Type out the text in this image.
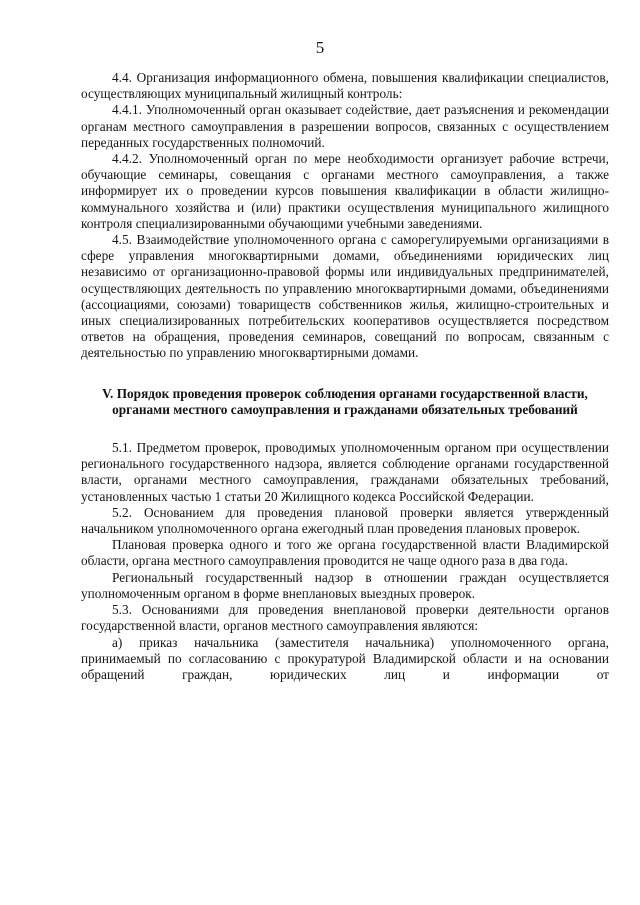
5

4.4. Организация информационного обмена, повышения квалификации специалистов, осуществляющих муниципальный жилищный контроль:

4.4.1. Уполномоченный орган оказывает содействие, дает разъяснения и рекомендации органам местного самоуправления в разрешении вопросов, связанных с осуществлением переданных государственных полномочий.

4.4.2. Уполномоченный орган по мере необходимости организует рабочие встречи, обучающие семинары, совещания с органами местного самоуправления, а также информирует их о проведении курсов повышения квалификации в области жилищно-коммунального хозяйства и (или) практики осуществления муниципального жилищного контроля специализированными обучающими учебными заведениями.

4.5. Взаимодействие уполномоченного органа с саморегулируемыми организациями в сфере управления многоквартирными домами, объединениями юридических лиц независимо от организационно-правовой формы или индивидуальных предпринимателей, осуществляющих деятельность по управлению многоквартирными домами, объединениями (ассоциациями, союзами) товариществ собственников жилья, жилищно-строительных и иных специализированных потребительских кооперативов осуществляется посредством ответов на обращения, проведения семинаров, совещаний по вопросам, связанным с деятельностью по управлению многоквартирными домами.

V. Порядок проведения проверок соблюдения органами государственной власти, органами местного самоуправления и гражданами обязательных требований

5.1. Предметом проверок, проводимых уполномоченным органом при осуществлении регионального государственного надзора, является соблюдение органами государственной власти, органами местного самоуправления, гражданами обязательных требований, установленных частью 1 статьи 20 Жилищного кодекса Российской Федерации.

5.2. Основанием для проведения плановой проверки является утвержденный начальником уполномоченного органа ежегодный план проведения плановых проверок.

Плановая проверка одного и того же органа государственной власти Владимирской области, органа местного самоуправления проводится не чаще одного раза в два года.

Региональный государственный надзор в отношении граждан осуществляется уполномоченным органом в форме внеплановых выездных проверок.

5.3. Основаниями для проведения внеплановой проверки деятельности органов государственной власти, органов местного самоуправления являются:

а) приказ начальника (заместителя начальника) уполномоченного органа, принимаемый по согласованию с прокуратурой Владимирской области и на основании обращений граждан, юридических лиц и информации от
